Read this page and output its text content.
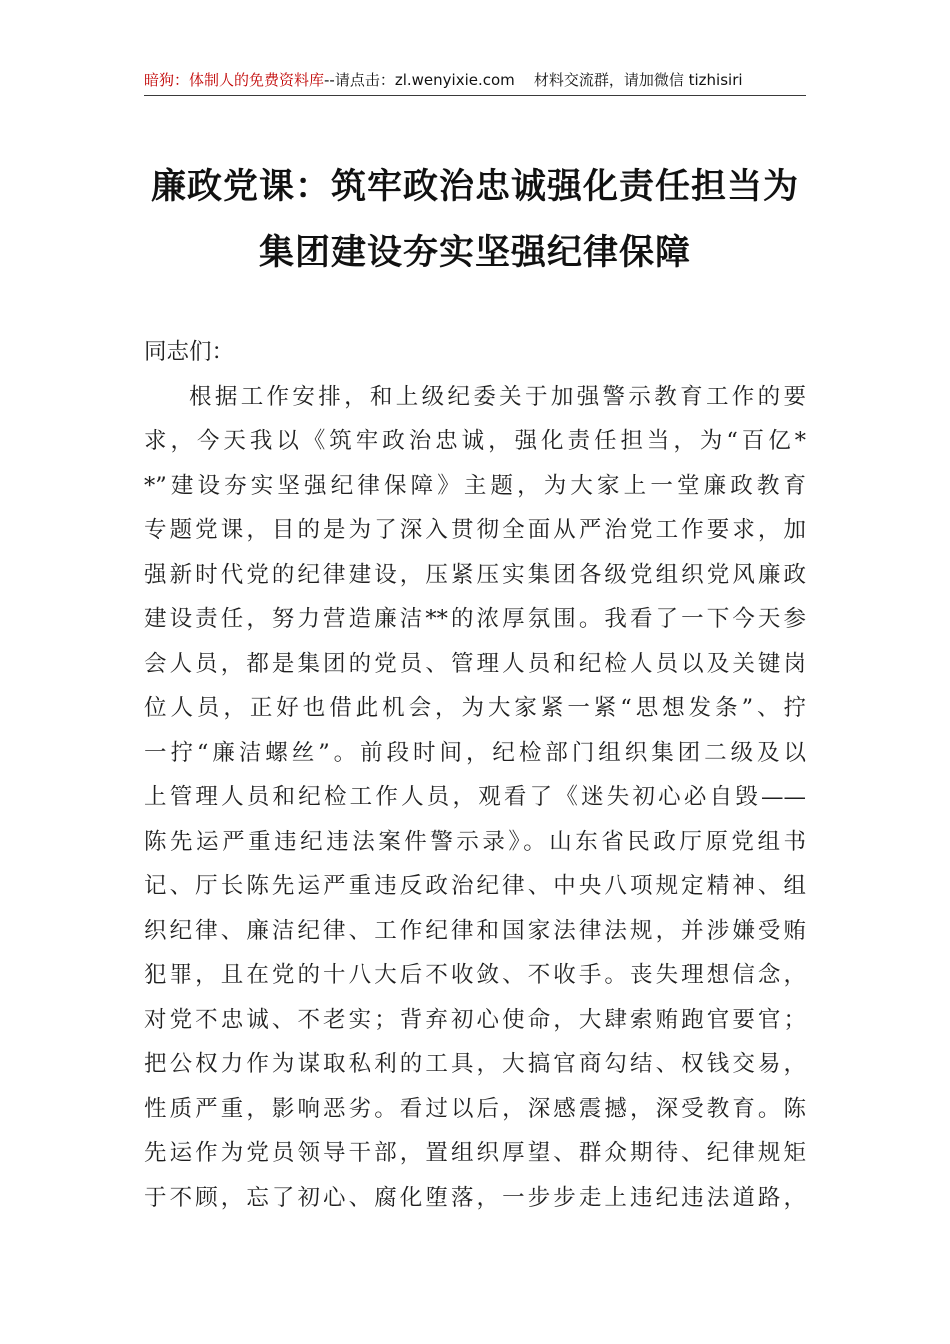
暗狗：体制人的免费资料库--请点击：zl.wenyixie.com 材料交流群，请加微信 tizhisiri
廉政党课：筑牢政治忠诚强化责任担当为
集团建设夯实坚强纪律保障
同志们：
根据工作安排，和上级纪委关于加强警示教育工作的要
求，今天我以《筑牢政治忠诚，强化责任担当，为“百亿*
*”建设夯实坚强纪律保障》主题，为大家上一堂廉政教育
专题党课，目的是为了深入贯彻全面从严治党工作要求，加
强新时代党的纪律建设，压紧压实集团各级党组织党风廉政
建设责任，努力营造廉洁**的浓厚氛围。我看了一下今天参
会人员，都是集团的党员、管理人员和纪检人员以及关键岗
位人员，正好也借此机会，为大家紧一紧“思想发条”、拧
一拧“廉洁螺丝”。前段时间，纪检部门组织集团二级及以
上管理人员和纪检工作人员，观看了《迷失初心必自毁——
陈先运严重违纪违法案件警示录》。山东省民政厅原党组书
记、厅长陈先运严重违反政治纪律、中央八项规定精神、组
织纪律、廉洁纪律、工作纪律和国家法律法规，并涉嫌受贿
犯罪，且在党的十八大后不收敛、不收手。丧失理想信念，
对党不忠诚、不老实；背弃初心使命，大肆索贿跑官要官；
把公权力作为谋取私利的工具，大搞官商勾结、权钱交易，
性质严重，影响恶劣。看过以后，深感震撼，深受教育。陈
先运作为党员领导干部，置组织厚望、群众期待、纪律规矩
于不顾，忘了初心、腐化堕落，一步步走上违纪违法道路，
